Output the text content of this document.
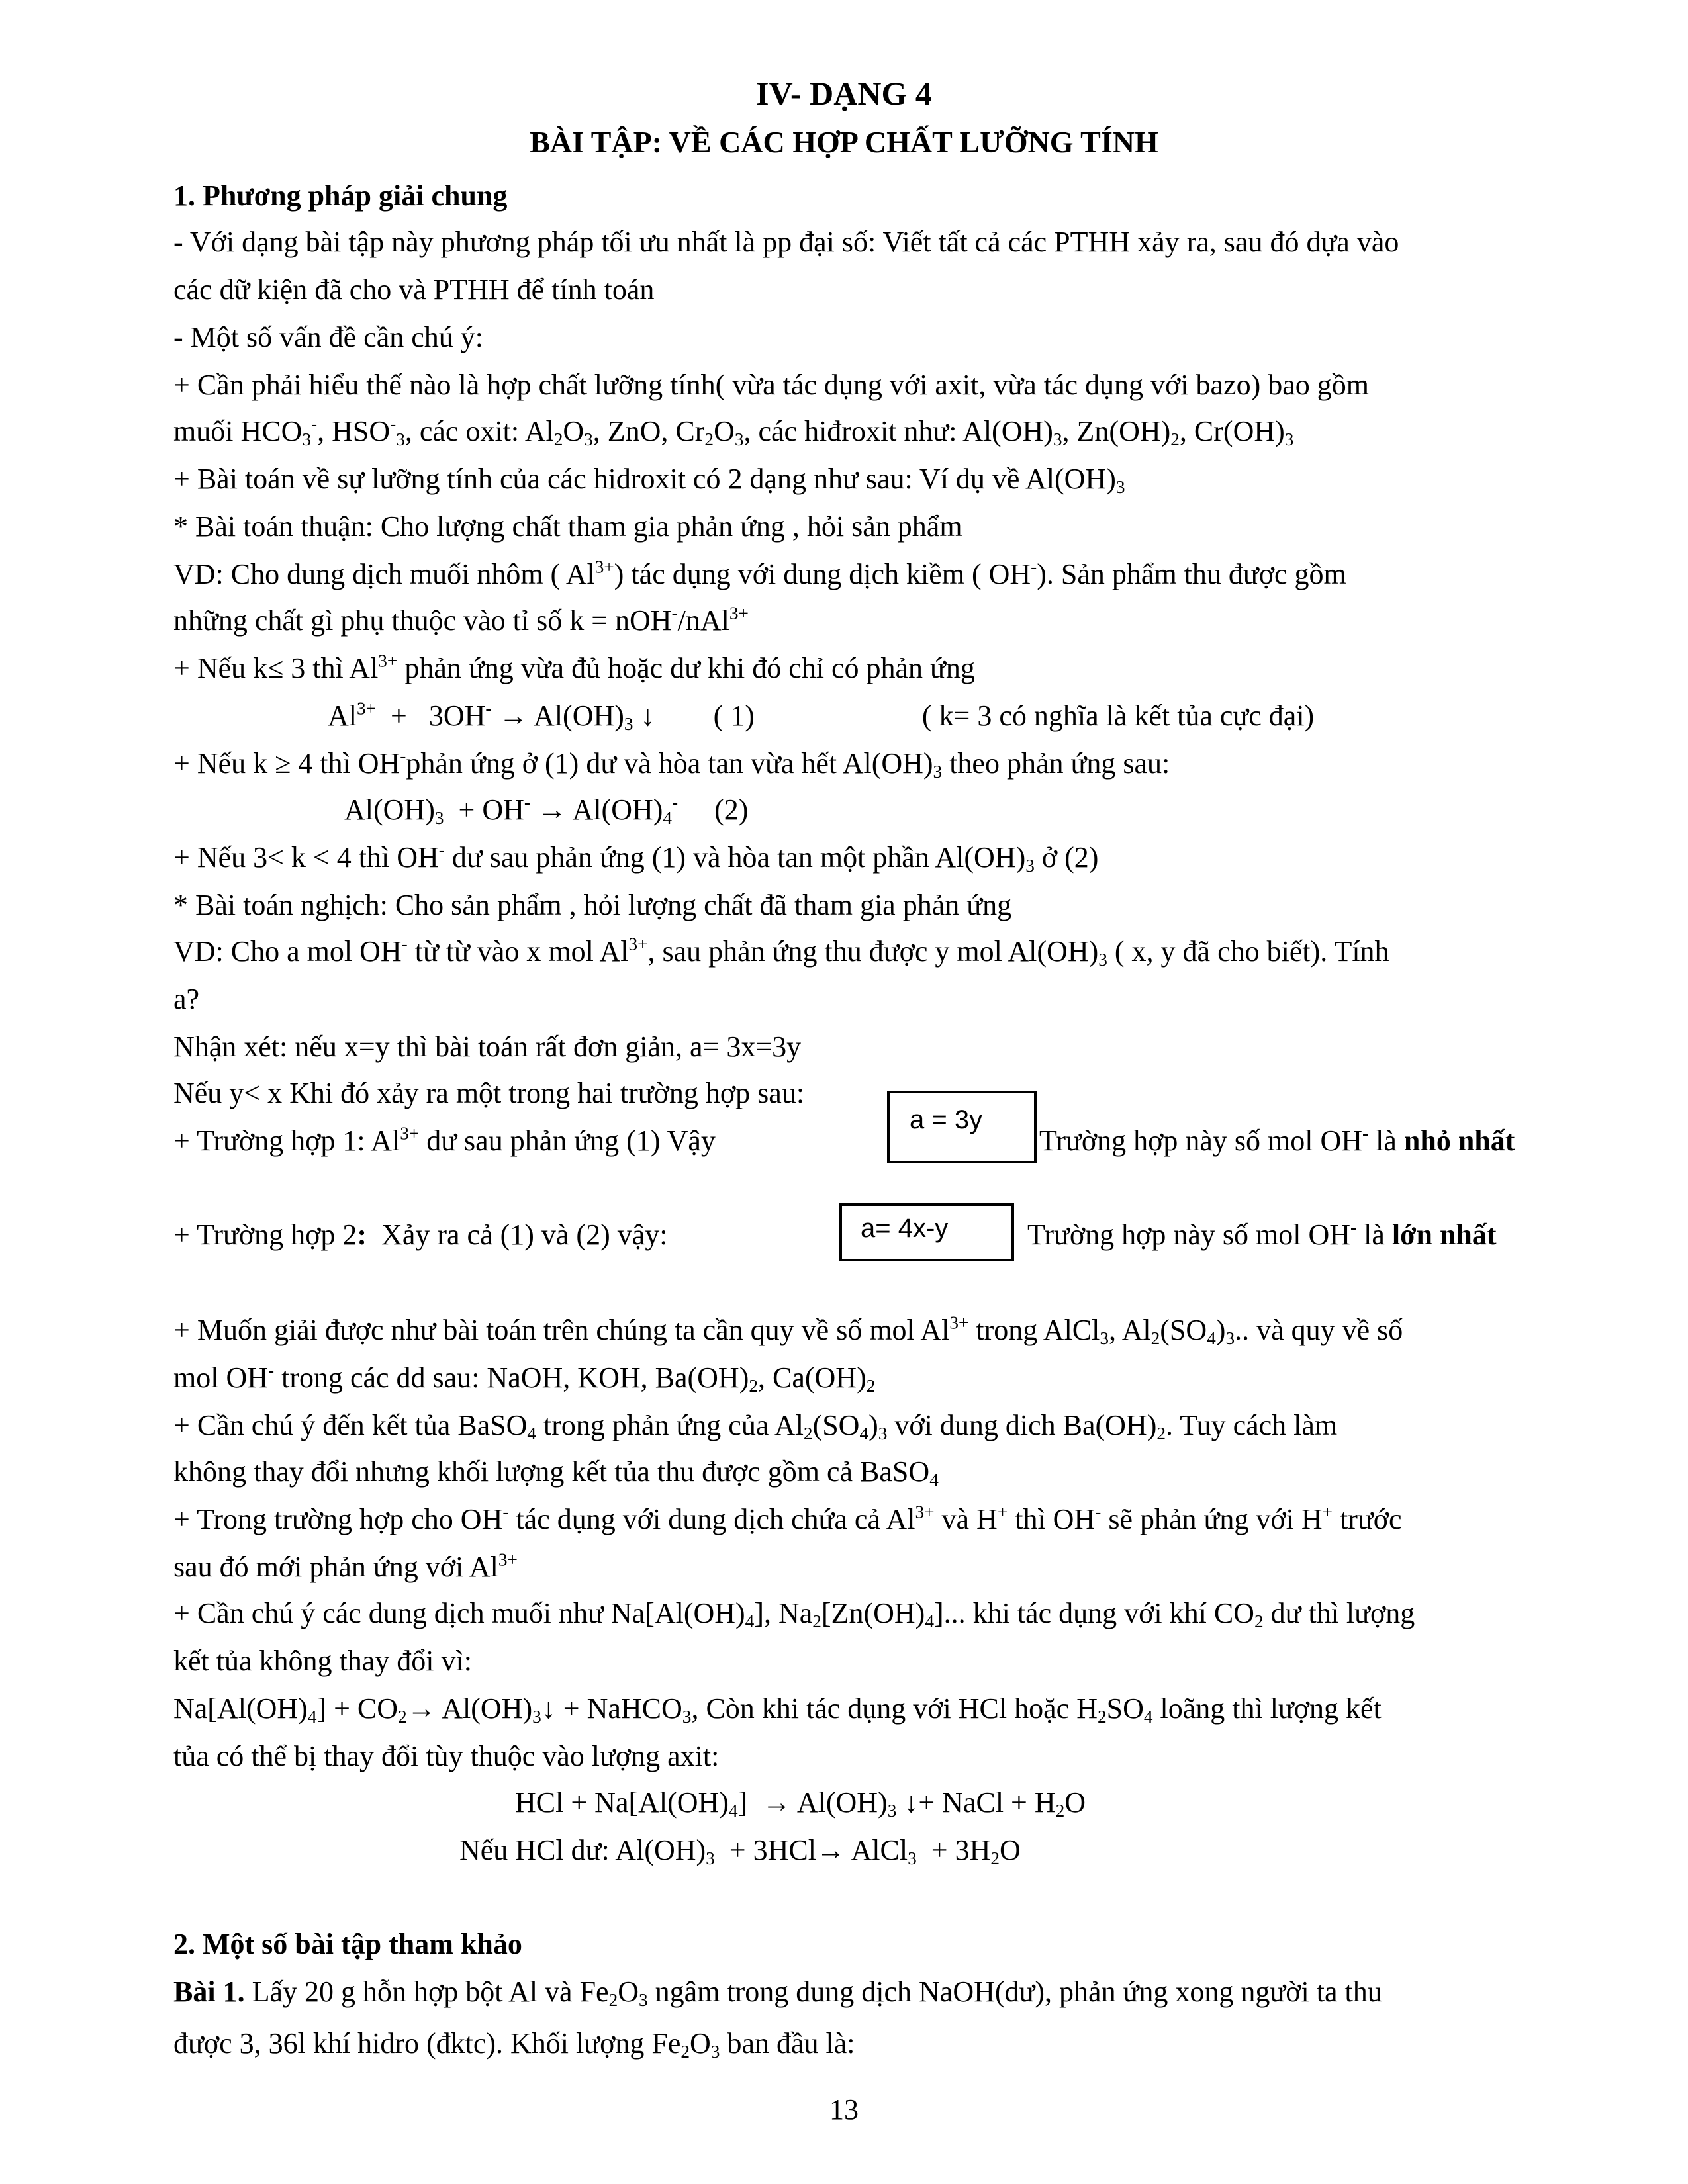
IV- DẠNG 4
BÀI TẬP: VỀ CÁC HỢP CHẤT LƯỠNG TÍNH
1. Phương pháp giải chung
- Với dạng bài tập này phương pháp tối ưu nhất là pp đại số: Viết tất cả các PTHH xảy ra, sau đó dựa vào
các dữ kiện đã cho và PTHH để tính toán
- Một số vấn đề cần chú ý:
+ Cần phải hiểu thế nào là hợp chất lưỡng tính( vừa tác dụng với axit, vừa tác dụng với bazo) bao gồm
muối $HCO_3^-$, $HSO^-_3$, các oxit: $Al_2O_3$, ZnO, $Cr_2O_3$, các hiđroxit như: $Al(OH)_3$, $Zn(OH)_2$, $Cr(OH)_3$
+ Bài toán về sự lưỡng tính của các hidroxit có 2 dạng như sau: Ví dụ về $Al(OH)_3$
* Bài toán thuận: Cho lượng chất tham gia phản ứng , hỏi sản phẩm
VD: Cho dung dịch muối nhôm ( $Al^{3+}$) tác dụng với dung dịch kiềm ( OH-). Sản phẩm thu được gồm
những chất gì phụ thuộc vào tỉ số k = nOH-/nAl$^{3+}$
+ Nếu k≤ 3 thì $Al^{3+}$ phản ứng vừa đủ hoặc dư khi đó chỉ có phản ứng
$Al^{3+} + 3OH^- \to Al(OH)_3$ ↓        ( 1)                       ( k= 3 có nghĩa là kết tủa cực đại)
+ Nếu k ≥ 4 thì OH-phản ứng ở (1) dư và hòa tan vừa hết $Al(OH)_3$ theo phản ứng sau:
$Al(OH)_3 + OH^- \to Al(OH)_4^-$     (2)
+ Nếu 3< k < 4 thì OH- dư sau phản ứng (1) và hòa tan một phần $Al(OH)_3$ ở (2)
* Bài toán nghịch: Cho sản phẩm , hỏi lượng chất đã tham gia phản ứng
VD: Cho a mol OH- từ từ vào x mol $Al^{3+}$, sau phản ứng thu được y mol $Al(OH)_3$ ( x, y đã cho biết). Tính
a?
Nhận xét: nếu x=y thì bài toán rất đơn giản, a= 3x=3y
Nếu y< x Khi đó xảy ra một trong hai trường hợp sau:
+ Trường hợp 1: $Al^{3+}$ dư sau phản ứng (1) Vậy
a = 3y
Trường hợp này số mol OH- là nhỏ nhất
+ Trường hợp 2:  Xảy ra cả (1) và (2) vậy:	a= 4x-y	Trường hợp này số mol OH- là lớn nhất
+ Muốn giải được như bài toán trên chúng ta cần quy về số mol $Al^{3+}$ trong AlCl$_3$, $Al_2(SO_4)_3$.. và quy về số
mol OH- trong các dd sau: NaOH, KOH, $Ba(OH)_2$, $Ca(OH)_2$
+ Cần chú ý đến kết tủa BaSO$_4$ trong phản ứng của $Al_2(SO_4)_3$ với dung dich $Ba(OH)_2$. Tuy cách làm
không thay đổi nhưng khối lượng kết tủa thu được gồm cả BaSO$_4$
+ Trong trường hợp cho OH- tác dụng với dung dịch chứa cả $Al^{3+}$ và H+ thì OH- sẽ phản ứng với H+ trước
sau đó mới phản ứng với $Al^{3+}$
+ Cần chú ý các dung dịch muối như $Na[Al(OH)_4]$, $Na_2[Zn(OH)_4]$... khi tác dụng với khí $CO_2$ dư thì lượng
kết tủa không thay đổi vì:
$Na[Al(OH)_4] + CO_2\to$ $Al(OH)_3↓$ + NaHCO$_3$, Còn khi tác dụng với HCl hoặc $H_2SO_4$ loãng thì lượng kết
tủa có thể bị thay đổi tùy thuộc vào lượng axit:
HCl + $Na[Al(OH)_4] \to Al(OH)_3$ ↓+ NaCl + $H_2O$
Nếu HCl dư: $Al(OH)_3 + 3HCl\to$ AlCl$_3$  + $3H_2O$
2. Một số bài tập tham khảo
Bài 1. Lấy 20 g hỗn hợp bột Al và $Fe_2O_3$ ngâm trong dung dịch NaOH(dư), phản ứng xong người ta thu
được 3, 36l khí hidro (đktc). Khối lượng $Fe_2O_3$ ban đầu là:
13
